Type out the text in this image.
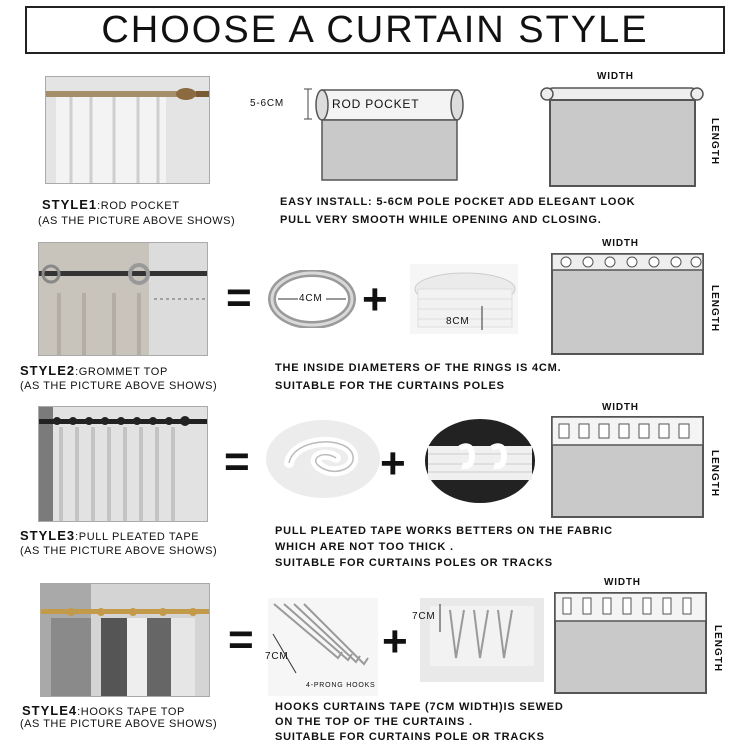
CHOOSE A CURTAIN STYLE
STYLE1:ROD POCKET
(AS THE PICTURE ABOVE SHOWS)
5-6CM	ROD POCKET
WIDTH
LENGTH
EASY INSTALL: 5-6CM POLE POCKET ADD ELEGANT LOOK
PULL VERY SMOOTH WHILE OPENING AND CLOSING.
STYLE2:GROMMET TOP
(AS THE PICTURE ABOVE SHOWS)
=	4CM +	8CM
WIDTH
LENGTH
THE INSIDE DIAMETERS OF THE RINGS IS 4CM.
SUITABLE FOR THE CURTAINS POLES
STYLE3:PULL PLEATED TAPE
(AS THE PICTURE ABOVE SHOWS)
=	+
WIDTH
LENGTH
PULL PLEATED TAPE WORKS BETTERS ON THE FABRIC
WHICH ARE NOT TOO THICK .
SUITABLE FOR CURTAINS POLES OR TRACKS
STYLE4:HOOKS TAPE TOP
(AS THE PICTURE ABOVE SHOWS)
= 7CM
4-PRONG HOOKS
+
7CM
WIDTH
LENGTH
HOOKS CURTAINS TAPE (7CM WIDTH)IS SEWED
ON THE TOP OF THE CURTAINS .
SUITABLE FOR CURTAINS POLE OR TRACKS
